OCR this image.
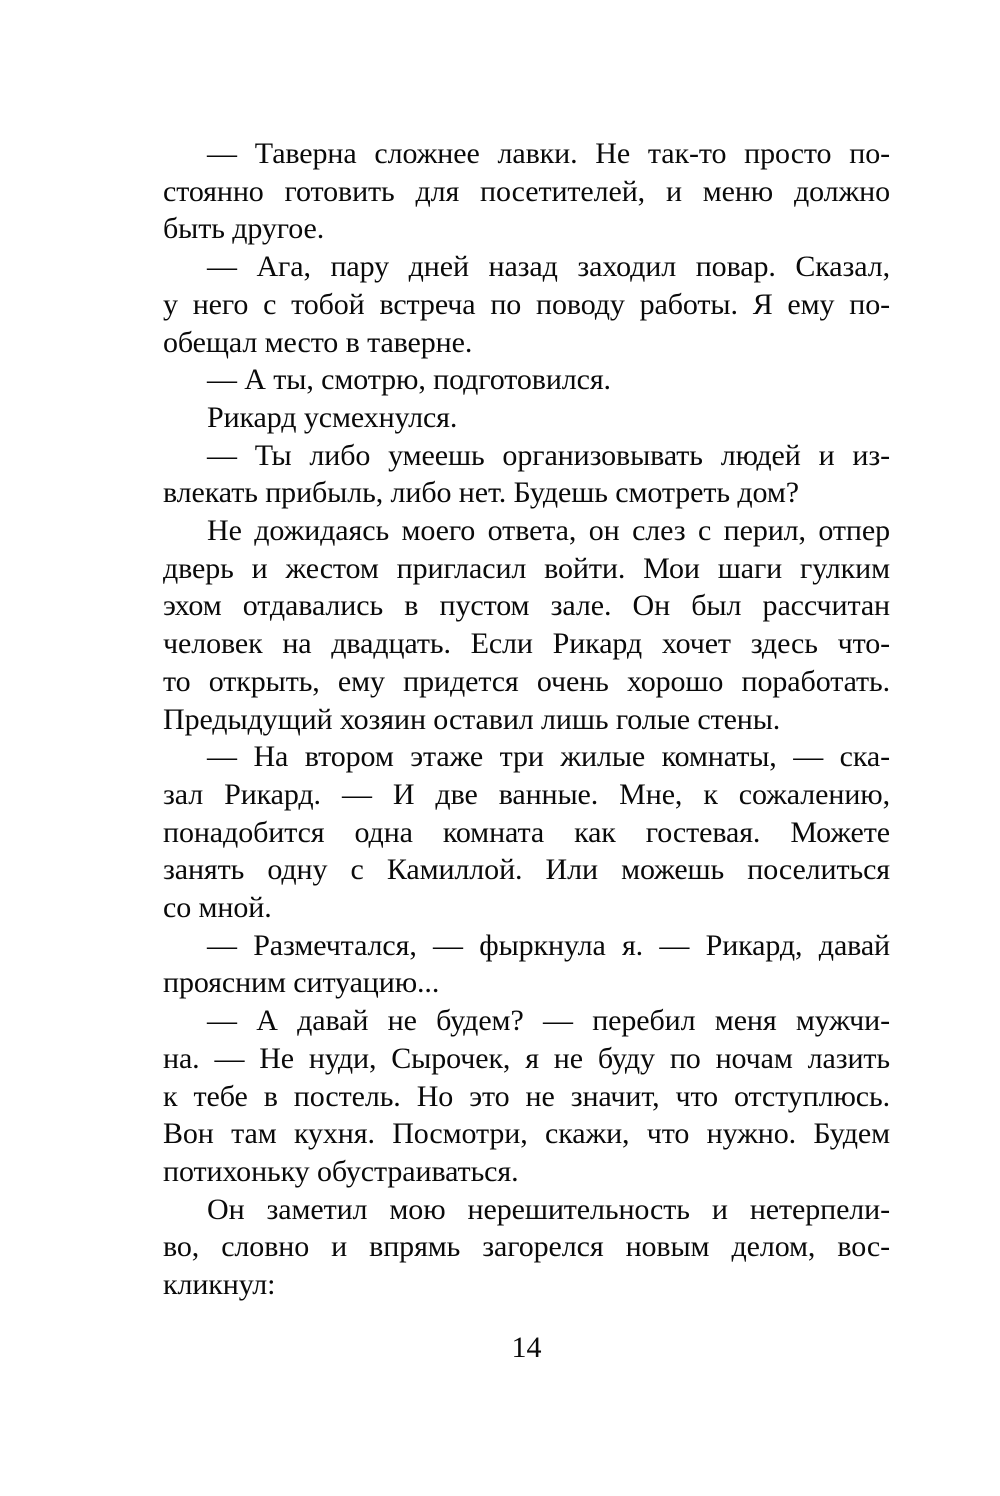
— Таверна сложнее лавки. Не так-то просто по-
стоянно готовить для посетителей, и меню должно
быть другое.
— Ага, пару дней назад заходил повар. Сказал,
у него с тобой встреча по поводу работы. Я ему по-
обещал место в таверне.
— А ты, смотрю, подготовился.
Рикард усмехнулся.
— Ты либо умеешь организовывать людей и из-
влекать прибыль, либо нет. Будешь смотреть дом?
Не дожидаясь моего ответа, он слез с перил, отпер
дверь и жестом пригласил войти. Мои шаги гулким
эхом отдавались в пустом зале. Он был рассчитан
человек на двадцать. Если Рикард хочет здесь что-
то открыть, ему придется очень хорошо поработать.
Предыдущий хозяин оставил лишь голые стены.
— На втором этаже три жилые комнаты, — ска-
зал Рикард. — И две ванные. Мне, к сожалению,
понадобится одна комната как гостевая. Можете
занять одну с Камиллой. Или можешь поселиться
со мной.
— Размечтался, — фыркнула я. — Рикард, давай
проясним ситуацию...
— А давай не будем? — перебил меня мужчи-
на. — Не нуди, Сырочек, я не буду по ночам лазить
к тебе в постель. Но это не значит, что отступлюсь.
Вон там кухня. Посмотри, скажи, что нужно. Будем
потихоньку обустраиваться.
Он заметил мою нерешительность и нетерпели-
во, словно и впрямь загорелся новым делом, вос-
кликнул:
14
